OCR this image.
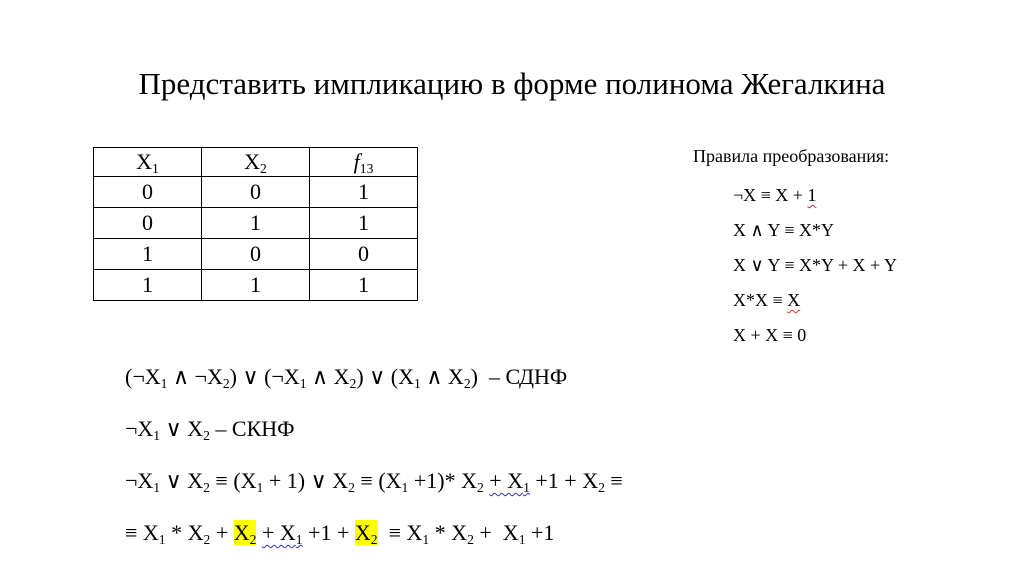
Представить импликацию в форме полинома Жегалкина
$X_1$	$X_2$	$f_{13}$
0	0	1
0	1	1
1	0	0
1	1	1
Правила преобразования:
¬X ≡ X + 1
X ∧ Y ≡ X*Y
X ∨ Y ≡ X*Y + X + Y
X*X ≡ X
X + X ≡ 0
($\neg X_1$ ∧ $\neg X_2$) ∨ ($\neg X_1$ ∧ $X_2$) ∨ ($X_1$ ∧ $X_2$)  – СДНФ
$\neg X_1$ ∨ $X_2$ – СКНФ
$\neg X_1$ ∨ $X_2 \equiv (X_1 + 1)$ ∨ $X_2 \equiv (X_1 +1)*$ $X_2 + X_1 +1 + X_2$ ≡
≡ $X_1 * X_2 + X_2 + X_1 +1 + X_2 \equiv X_1 * X_2 + X_1 +1$
